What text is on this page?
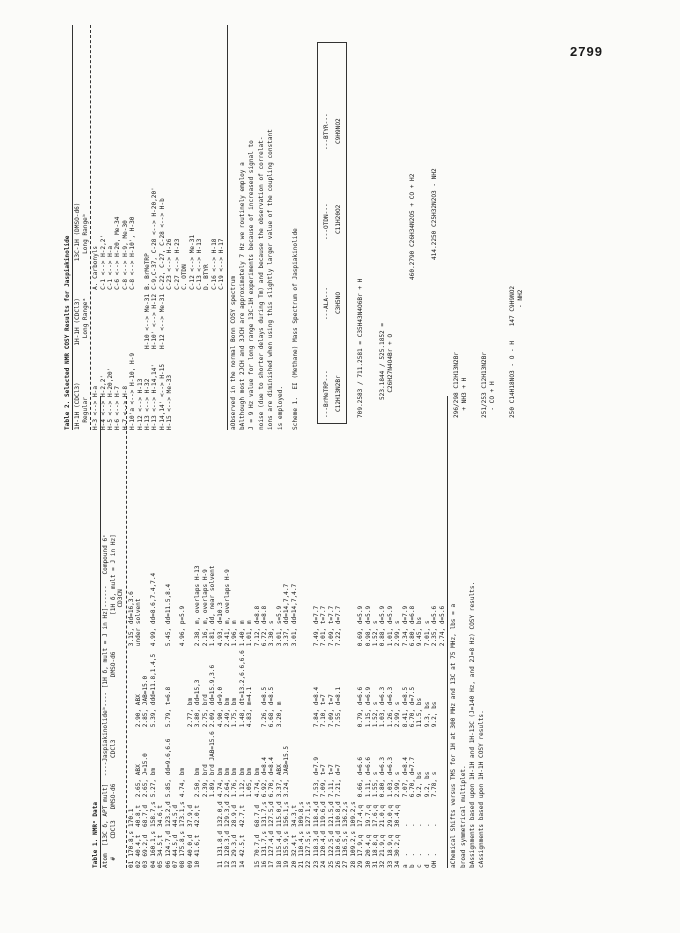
2799
Table 1. NMRᵃ Data Atom  [13C δ, APT mult]  ----Jaspiakinolideᵇ---- [1H δ, mult = J in Hz]------   Compound 6ᶜ #     CDCl3   DMSO-d6       CDCl3                 DMSO-d6          [1H δ, mult = J in Hz] CD3CN 01	170.8,s	170.1			3.15, dd=16,3.6
02	40.4,t	40.8,t	2.65, ABX	2.90, ABX	under solvent
03	69.2,d	68.7,d	2.65, J=15.0	2.85, JAB=15.0	
04	160.1,s	158.7,s	5.27, bm	5.39, ddd=11.8,1.4,5	4.99, dd=8.6,7.4,7.4
05	34.5,t	34.6,t			
06	124.7,d	123.2,d	5.85, dd=9.6,6.6	5.79, t=6.8	5.45, dd=11.5,8.4
07	44.5,d	44.5,d			
08	175.8,s	173.1,s	4.74, bm		4.96, p=5.9
09	40.0,d	37.9,d		2.77, bm	
10	41.6,t	42.0,t	2.50, bm	3.80, dd=15,3	2.38, m, overlaps H-13
			2.39, brd	2.75, brd	2.16, m, overlaps H-9
			1.89, brd JAB=15.6	2.09, dd=15.9,3.6	1.81, dd, near solvent
11	131.8,d	132.0,d	4.74, bm	4.90, d=9.0	4.93, d=10.3
12	128.3,d	129.3,d	2.64, bm	2.49, bm	2.41, m, overlaps H-9
13	29.3,d	28.9,d	1.76, bm	1.75, bm	1.96, m
14	42.5,t	42.7,t	1.12, bm	1.48, dt=13.2,6.6,6.6	1.40, m
			1.05, bm	4.83, m=4.1	1.01, m
15	70.7,d	68.7,d	4.74, bm		7.12, d=8.8
16	131.7,s	131.7,s	6.92, d=8.4	7.26, d=8.5	6.72, d=8.8
17	127.4,d	127.5,d	6.70, d=8.4	6.68, d=8.5	3.30, s
18	115.4,d	115.0,d	3.37, ABX	3.20, m	3.01, s=5.9
19	155.9,s	156.1,s	3.24, JAB=15.5		3.37, dd=14,7,4.7
20	32.4,t	34.3,t			3.01, dd=14,7,4.7
21	110.4,s	109.8,s			
22	127.5,s	127.1,s			
23	118.3,d	118.4,d	7.53, d=7.9	7.84, d=8.4	7.49, d=7.7
24	120.4,d	119.6,d	7.09, t=7	7.10, t=7	7.01, t=7.7
25	122.5,d	121.5,d	7.11, t=7	7.09, t=7	7.09, t=7.7
26	110.6,d	110.8,d	7.21, d=7	7.55, d=8.1	7.22, d=7.7
27	136.5,s	136.2,s			
28	109.2,s	109.2,s			
29	17.9,q	17.4,q	0.66, d=6.6	0.79, d=6.6	0.69, d=5.9
30	20.4,q	19.7,q	1.11, d=6.6	1.15, d=6.9	0.98, d=5.9
31	18.8,q	17.6,q	1.55, s	1.52, s	1.52, s
32	21.9,q	21.0,q	0.80, d=6.3	1.03, d=6.3	0.88, d=5.9
33	18.9,q	29.0,q	1.03, d=6.3	1.26, d=6.3	1.01, d=5.9
34	30.2,q	30.4,q	2.99, s	2.99, s	2.99, s
a	.	.	7.07, d=8.4	8.41, d=8.5	7.34, d=7.9
b	.	.	6.70, d=7.7	6.70, d=7.5	6.80, d=6.8
c	.	.	9.2, bs	11.5, bs	9.45, bs
d	.	.	9.2, bs	9.3, bs	7.01, s
OH	.	.	7.78, s	9.2, bs	2.35, d=5.6
					2.74, d=5.6 aChemical Shifts versus TMS for 1H at 300 MHz and 13C at 75 MHz, lbs = a broad symmetrical multiplet. bAssignments based upon 1H-1H and 1H-13C (J=140 Hz, and 2J=8 Hz) COSY results. cAssignments based upon 1H-1H COSY results.
Table 2. Selected NMR COSY Results for Jaspiakinolide 1H-1H (CDCl3)          1H-1H (CDCl3)          13C-1H (DMSO-d6) Regular                Long Rangeᵃ            Long Rangeᵇ H-3 <--> H-a		A. Carbonyls
H-4 <--> H-2,2'		C-1 <--> H-2,2'
H-5 <--> H-20,20'		C-1 <--> H-a
H-6 <--> H-7		C-6 <--> H-20, Me-34
H-7 <--> H-8		C-8 <--> H-9, Me-30
H-10'a <--> H-10, H-9		C-8 <--> H-10', H-30
H-12 <--> H-13		
H-13 <--> H-32	H-10 <--> Me-31	B. BrMeTRP
H-13 <--> H-14,14'	H-10' <--> H-12	C-9,C-37, C-28 <--> H-20,20'
H-14,14' <--> H-15	H-12 <--> Me-31	C-22, C-27, C-28 <--> H-b
H-15 <--> Me-33		C-23 <--> H-26
		C-27 <--> H-23

		C. OTDN
		C-12 <--> Me-31
		C-13 <--> H-13

		D. BTYR
		C-16 <--> H-18
		C-19 <--> H-17
aObserved in the normal Bonn COSY spectrum bAlthough most 2JCH and 3JCH are approximately 7 Hz we routinely employ a J = 9 Hz value for long range 13C-1H experiments because of increased signal to noise (due to shorter delays during Tm) and because the observation of correlat- ions are diminished when using this slightly larger value of the coupling constant is employed. Scheme 1.  EI (Methane) Mass Spectrum of Jaspiakinolide	---BrMeTRP---
---ALA---
---OTDN---
---BTYR---
C12H13N2Br
C3H5NO
C11H20O2
C9H9NO2
709.2583 / 711.2581 = C35H43N4O6Br + H 523.1844 / 525.1852 = C26H27N4O4Br + O
460.2790 C26H34N2O5 + CO + H2 414.2250 C25H32N2O3 - NH2
296/298 C12H13N2Br + NH3 + H 251/253 C12H13N2Br - CO + H 250 C14H18NO3 - O - H    147 C9H9NO2 - NH2
